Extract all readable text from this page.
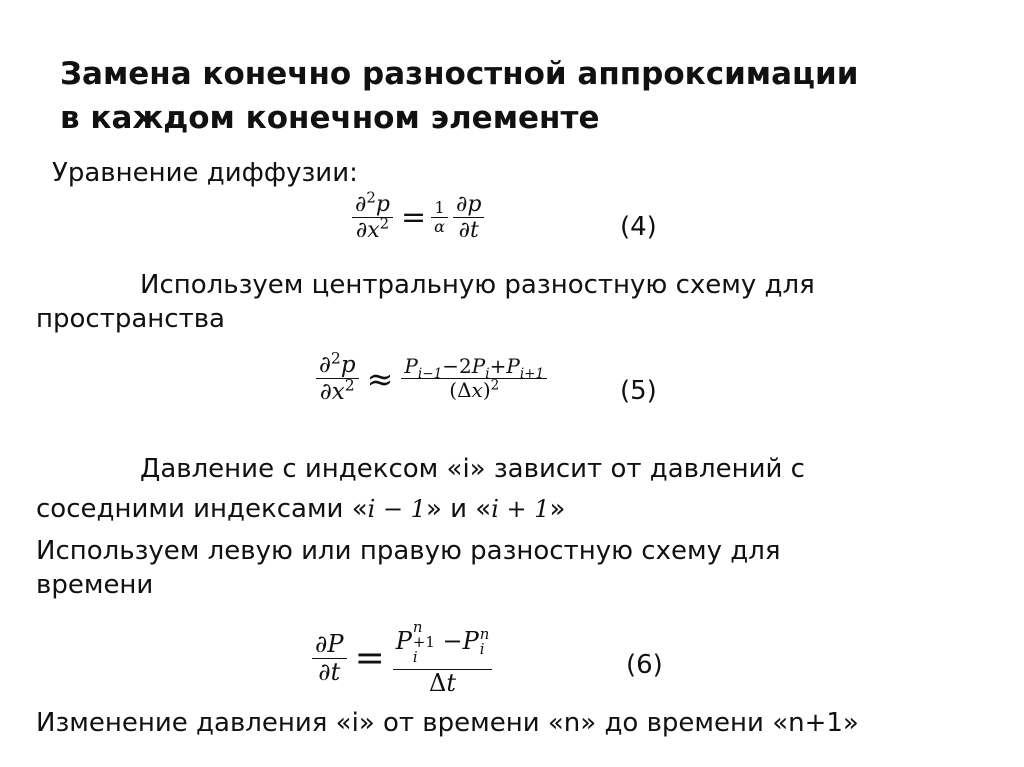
Замена конечно разностной аппроксимации
в каждом конечном элементе
Уравнение диффузии:
$\frac{\partial^2p}{\partial x^2} = \frac{1}{\alpha} \frac{\partial p}{\partial t}$	(4)
Используем центральную разностную схему для
пространства
$\frac{\partial^2p}{\partial x^2} \approx \frac{P_{i-1}-2P_i+P_{i+1}}{(\Delta x)^2}$	(5)
Давление с индексом «i» зависит от давлений с
соседними индексами «i − 1» и «i + 1»
Используем левую или правую разностную схему для
времени
$\frac{\partial P}{\partial t} = P$ n
+1
i
−P n
i
Δt	(6)
Изменение давления «i» от времени «n» до времени «n+1»
